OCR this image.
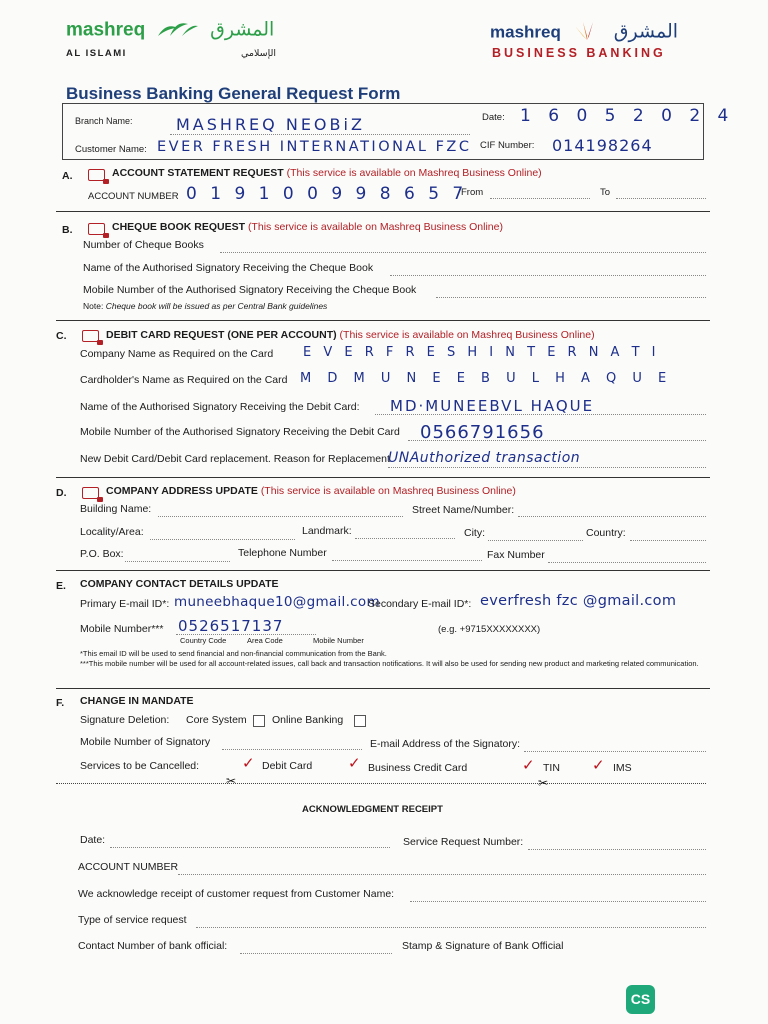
mashreq	المشرق
AL ISLAMI	الإسلامي
mashreq	المشرق
BUSINESS BANKING
Business Banking General Request Form
Branch Name:	MASHREQ NEOBiZ	Date: 1 6 0 5 2 0 2 4
Customer Name: EVER FRESH INTERNATIONAL FZC CIF Number: 014198264
A.	ACCOUNT STATEMENT REQUEST (This service is available on Mashreq Business Online)
ACCOUNT NUMBER 0 1 9 1 0 0 9 9 8 6 5 7
From	To
B.	CHEQUE BOOK REQUEST (This service is available on Mashreq Business Online)
Number of Cheque Books
Name of the Authorised Signatory Receiving the Cheque Book
Mobile Number of the Authorised Signatory Receiving the Cheque Book
Note: Cheque book will be issued as per Central Bank guidelines
C.	DEBIT CARD REQUEST (ONE PER ACCOUNT) (This service is available on Mashreq Business Online)
Company Name as Required on the Card E V E R F R E S H I N T E R N A T I
Cardholder's Name as Required on the Card M D M U N E E B U L H A Q U E
Name of the Authorised Signatory Receiving the Debit Card: MD·MUNEEBVL HAQUE
Mobile Number of the Authorised Signatory Receiving the Debit Card 0566791656
New Debit Card/Debit Card replacement. Reason for Replacement
UNAuthorized transaction
D.	COMPANY ADDRESS UPDATE (This service is available on Mashreq Business Online)
Building Name:	Street Name/Number:
Locality/Area:	Landmark:	City:	Country:
P.O. Box:	Telephone Number	Fax Number
E. COMPANY CONTACT DETAILS UPDATE
Primary E-mail ID*: muneebhaque10@gmail.com
Secondary E-mail ID*: everfresh fzc @gmail.com
Mobile Number*** 0526517137	(e.g. +9715XXXXXXXX)
Country Code	Area Code	Mobile Number
*This email ID will be used to send financial and non-financial communication from the Bank.
***This mobile number will be used for all account-related issues, call back and transaction notifications. It will also be used for sending new product and marketing related communication.
F. CHANGE IN MANDATE
Signature Deletion: Core System Online Banking
Mobile Number of Signatory	E-mail Address of the Signatory:
Services to be Cancelled:	✓ Debit Card ✓ Business Credit Card	✓ TIN ✓ IMS
✂	✂
ACKNOWLEDGMENT RECEIPT
Date:	Service Request Number:
ACCOUNT NUMBER
We acknowledge receipt of customer request from Customer Name:
Type of service request
Contact Number of bank official:	Stamp & Signature of Bank Official
CS
